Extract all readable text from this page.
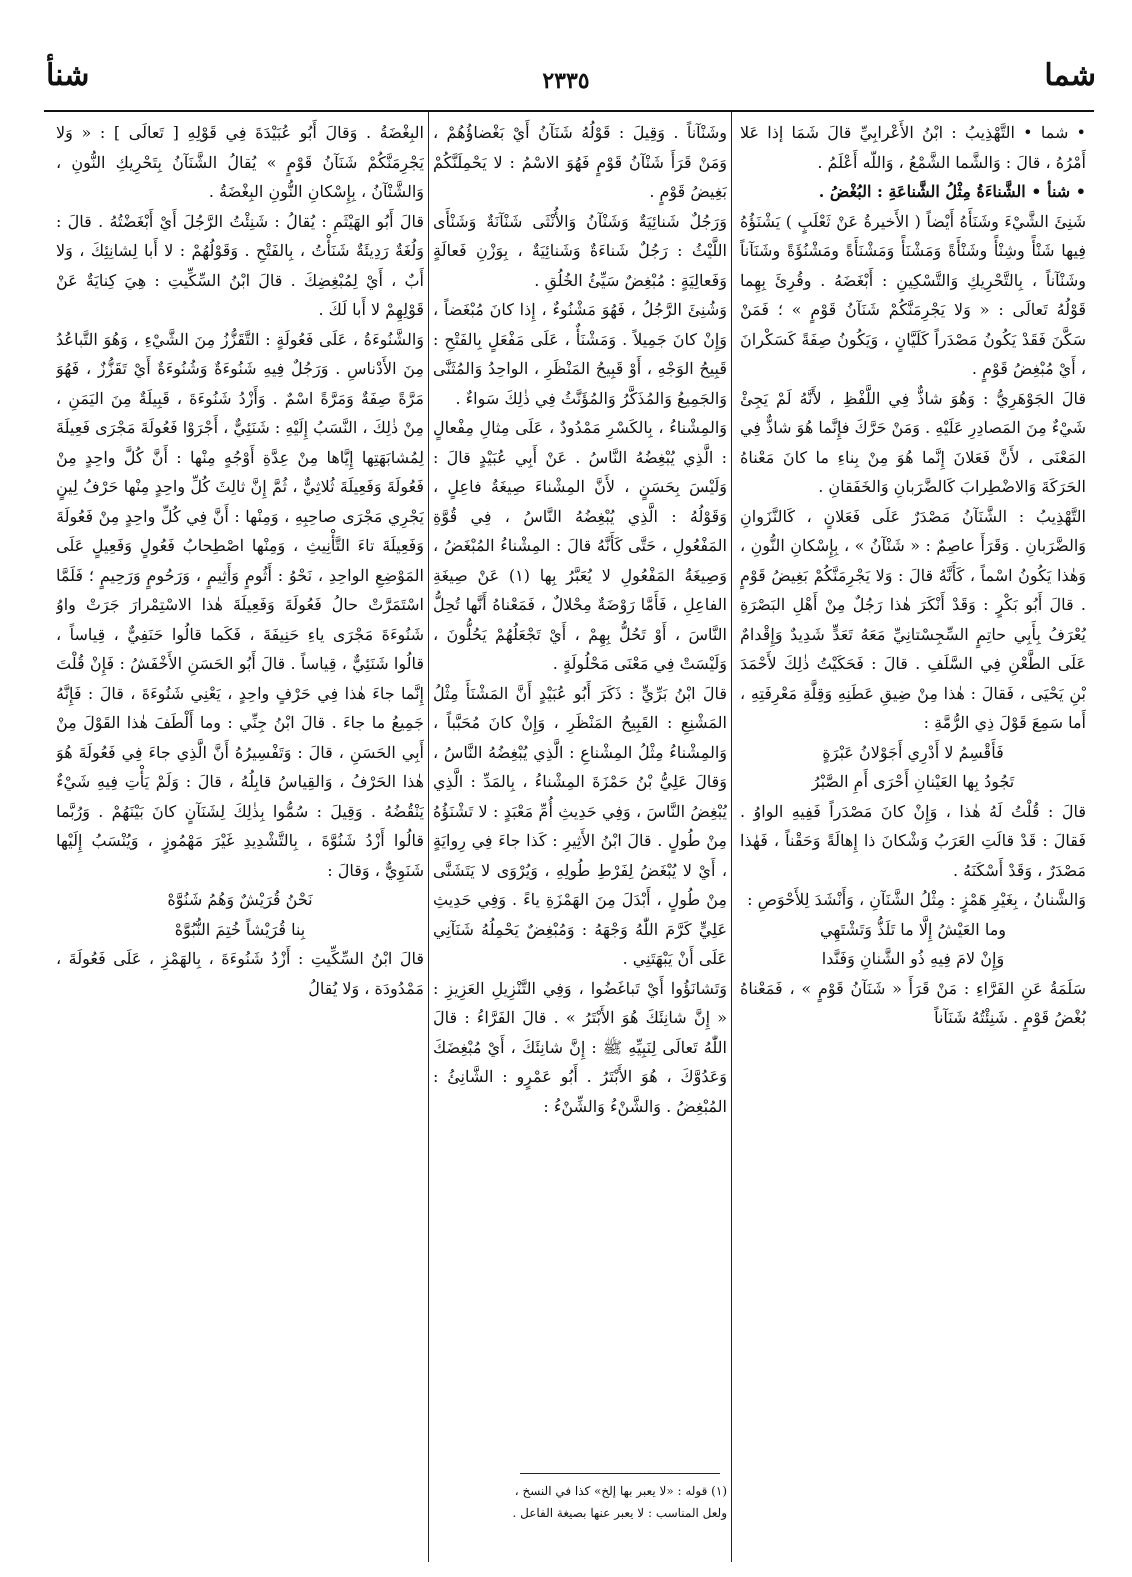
شما
٢٣٣٥
شنأ

• شما • التَّهْذِيبُ : ابْنُ الأَعْرابِيِّ قالَ شَمَا إذا عَلا أَمْرُهُ ، قالَ : وَالشَّما الشَّمْعُ ، وَاللّه أَعْلَمُ .

• شنأ • الشَّناءَةُ مِثْلُ الشَّناعَةِ : البُغْضُ .

شَنِئَ الشَّيْءَ وشَنَأَهُ أَيْضاً ( الأَخيرةُ عَنْ ثَعْلَبٍ ) يَشْنَؤُهُ فِيها شَنْأً وشِنْأً وشَنْأَةً وَمَشْنَأً وَمَشْنَأَةً ومَشْنُؤَةً وشَنَآناً وشَنْآناً ، بِالتَّحْرِيكِ وَالتَّسْكِينِ : أَبْغَضَهُ . وقُرِئَ بِهِما قَوْلُهُ تَعالَى : « وَلا يَجْرِمَنَّكُمْ شَنَآنُ قَوْمٍ » ؛ فَمَنْ سَكَّنَ فَقَدْ يَكُونُ مَصْدَراً كَلَيَّانٍ ، وَيَكُونُ صِفَةً كَسَكْرانَ ، أَيْ مُبْغِضُ قَوْمٍ .

قالَ الجَوْهَرِيُّ : وَهُوَ شاذٌّ فِي اللَّفْظِ ، لأَنَّهُ لَمْ يَجِئْ شَيْءٌ مِنَ المَصادِرِ عَلَيْهِ . وَمَنْ حَرَّكَ فإِنَّما هُوَ شاذٌّ فِي المَعْنَى ، لأَنَّ فَعَلانَ إِنَّما هُوَ مِنْ بِناءِ ما كانَ مَعْناهُ الحَرَكَةَ وَالاضْطِرابَ كَالضَّرَبانِ وَالخَفَقانِ .

التَّهْذِيبُ : الشَّنَآنُ مَصْدَرٌ عَلَى فَعَلانٍ ، كَالنَّزَوانِ وَالضَّرَبانِ . وَقَرَأَ عاصِمٌ : « شَنْآنُ » ، بِإِسْكانِ النُّونِ ، وَهٰذا يَكُونُ اسْماً ، كَأَنَّهُ قالَ : وَلا يَجْرِمَنَّكُمْ بَغِيضُ قَوْمٍ . قالَ أَبُو بَكْرٍ : وَقَدْ أَنْكَرَ هٰذا رَجُلٌ مِنْ أَهْلِ البَصْرَةِ يُعْرَفُ بِأَبِي حاتِمٍ السِّجِسْتانِيِّ مَعَهُ تَعَدٍّ شَدِيدٌ وَإِقْدامٌ عَلَى الطَّعْنِ فِي السَّلَفِ . قالَ : فَحَكَيْتُ ذٰلِكَ لأَحْمَدَ بْنِ يَحْيَى ، فَقالَ : هٰذا مِنْ ضِيقِ عَطَنِهِ وَقِلَّةِ مَعْرِفَتِهِ ، أَما سَمِعَ قَوْلَ ذِي الرُّمَّةِ :

فَأَقْسِمُ لا أَدْرِي أَجَوْلانُ عَبْرَةٍ
تَجُودُ بِها العَيْنانِ أَحْرَى أَمِ الصَّبْرُ

قالَ : قُلْتُ لَهُ هٰذا ، وَإِنْ كانَ مَصْدَراً فَفِيهِ الواوُ . فَقالَ : قَدْ قالَتِ العَرَبُ وَشْكانَ ذا إِهالَةً وَحَقْناً ، فَهٰذا مَصْدَرٌ ، وَقَدْ أَسْكَنَهُ .

وَالشَّنانُ ، بِغَيْرِ هَمْزٍ : مِثْلُ الشَّنَآنِ ، وَأَنْشَدَ لِلأَحْوَصِ :

وما العَيْشُ إِلَّا ما تَلَذُّ وَتَشْتَهِي
وَإِنْ لامَ فِيهِ ذُو الشَّنانِ وَفَنَّدا

سَلَمَةُ عَنِ الفَرَّاءِ : مَنْ قَرَأَ « شَنَآنُ قَوْمٍ » ، فَمَعْناهُ بُغْضُ قَوْمٍ . شَنِئْتُهُ شَنَآناً

وشَنْآناً . وَقِيلَ : قَوْلُهُ شَنَآنُ أَيْ بَغْضاؤُهُمْ ، وَمَنْ قَرَأَ شَنْآنُ قَوْمٍ فَهُوَ الاسْمُ : لا يَحْمِلَنَّكُمْ بَغِيضُ قَوْمٍ .

وَرَجُلٌ شَنائِيَةٌ وَشَنْآنُ وَالأُنْثَى شَنْآنَةٌ وَشَنْأَى اللَّيْثُ : رَجُلٌ شَناءَةٌ وَشَنائِيَةٌ ، بِوَزْنِ فَعالَةٍ وَفَعالِيَةٍ : مُبْغِضٌ سَيِّئُ الخُلُقِ .

وَشُنِئَ الرَّجُلُ ، فَهُوَ مَشْنُوءٌ ، إِذا كانَ مُبْغَضاً ، وَإِنْ كانَ جَمِيلاً . وَمَشْنَأٌ ، عَلَى مَفْعَلٍ بِالفَتْحِ : قَبِيحُ الوَجْهِ ، أَوْ قَبِيحُ المَنْظَرِ ، الواحِدُ وَالمُثَنَّى وَالجَمِيعُ وَالمُذَكَّرُ وَالمُؤَنَّثُ فِي ذٰلِكَ سَواءٌ .

وَالمِشْناءُ ، بِالكَسْرِ مَمْدُودٌ ، عَلَى مِثالِ مِفْعالٍ : الَّذِي يُبْغِضُهُ النَّاسُ . عَنْ أَبِي عُبَيْدٍ قالَ : وَلَيْسَ بِحَسَنٍ ، لأَنَّ المِشْناءَ صِيغَةُ فاعِلٍ ، وَقَوْلُهُ : الَّذِي يُبْغِضُهُ النَّاسُ ، فِي قُوَّةِ المَفْعُولِ ، حَتَّى كَأَنَّهُ قالَ : المِشْناءُ المُبْغَضُ ، وَصِيغَةُ المَفْعُولِ لا يُعَبَّرُ بِها (١) عَنْ صِيغَةِ الفاعِلِ ، فَأَمَّا رَوْضَةٌ مِحْلالٌ ، فَمَعْناهُ أَنَّها تُحِلُّ النَّاسَ ، أَوْ تَحُلُّ بِهِمْ ، أَيْ تَجْعَلُهُمْ يَحُلُّونَ ، وَلَيْسَتْ فِي مَعْنَى مَحْلُولَةٍ .

قالَ ابْنُ بَرِّيٍّ : ذَكَرَ أَبُو عُبَيْدٍ أَنَّ المَشْنَأَ مِثْلُ المَشْنِعِ : القَبِيحُ المَنْظَرِ ، وَإِنْ كانَ مُحَبَّباً ، وَالمِشْناءُ مِثْلُ المِشْناعِ : الَّذِي يُبْغِضُهُ النَّاسُ ، وَقالَ عَلِيُّ بْنُ حَمْزَةَ المِشْناءُ ، بِالمَدِّ : الَّذِي يُبْغِضُ النَّاسَ ، وَفِي حَدِيثِ أُمِّ مَعْبَدٍ : لا تَشْنَؤُهُ مِنْ طُولٍ . قالَ ابْنُ الأَثِيرِ : كَذا جاءَ فِي رِوايَةٍ ، أَيْ لا يُبْغَضُ لِفَرْطِ طُولِهِ ، وَيُرْوَى لا يَتَشَنَّى مِنْ طُولٍ ، أَبْدَلَ مِنَ الهَمْزَةِ ياءً . وَفِي حَدِيثِ عَلِيٍّ كَرَّمَ اللّٰهُ وَجْهَهُ : وَمُبْغِضٌ يَحْمِلُهُ شَنَآنِي عَلَى أَنْ يَبْهَتَنِي .

وَتَشانَؤُوا أَيْ تَباغَضُوا ، وَفِي التَّنْزِيلِ العَزِيزِ : « إِنَّ شانِئَكَ هُوَ الأَبْتَرُ » . قالَ الفَرَّاءُ : قالَ اللّٰهُ تَعالَى لِنَبِيِّهِ ﷺ : إِنَّ شانِئَكَ ، أَيْ مُبْغِضَكَ وَعَدُوَّكَ ، هُوَ الأَبْتَرُ . أَبُو عَمْرٍو : الشَّانِئُ : المُبْغِضُ . وَالشَّنْءُ وَالشِّنْءُ :

(١) قوله : «لا يعبر بها إلخ» كذا في النسخ ،

ولعل المناسب : لا يعبر عنها بصيغة الفاعل .

البِغْضَةُ . وَقالَ أَبُو عُبَيْدَةَ فِي قَوْلِهِ [ تَعالَى ] : « وَلا يَجْرِمَنَّكُمْ شَنَآنُ قَوْمٍ » يُقالُ الشَّنَآنُ بِتَحْرِيكِ النُّونِ ، وَالشَّنْآنُ ، بِإِسْكانِ النُّونِ البِغْضَةُ .

قالَ أَبُو الهَيْثَمِ : يُقالُ : شَنِئْتُ الرَّجُلَ أَيْ أَبْغَضْتُهُ . قالَ : وَلُغَةٌ رَدِيئَةٌ شَنَأْتُ ، بِالفَتْحِ . وَقَوْلُهُمْ : لا أَبا لِشانِئِكَ ، وَلا أَبٌ ، أَيْ لِمُبْغِضِكَ . قالَ ابْنُ السِّكِّيتِ : هِيَ كِنايَةٌ عَنْ قَوْلِهِمْ لا أَبا لَكَ .

وَالشَّنُوءَةُ ، عَلَى فَعُولَةٍ : التَّقَزُّزُ مِنَ الشَّيْءِ ، وَهُوَ التَّباعُدُ مِنَ الأَدْناسِ . وَرَجُلٌ فِيهِ شَنُوءَةٌ وَشُنُوءَةٌ أَيْ تَقَزُّزٌ ، فَهُوَ مَرَّةً صِفَةٌ وَمَرَّةً اسْمٌ . وَأَزْدُ شَنُوءَةَ ، قَبِيلَةٌ مِنَ اليَمَنِ ، مِنْ ذٰلِكَ ، النَّسَبُ إِلَيْهِ : شَنَئِيٌّ ، أَجْرَوْا فَعُولَةَ مَجْرَى فَعِيلَةَ لِمُشابَهَتِها إِيَّاها مِنْ عِدَّةِ أَوْجُهٍ مِنْها : أَنَّ كُلَّ واحِدٍ مِنْ فَعُولَةَ وَفَعِيلَةَ ثُلاثِيٌّ ، ثُمَّ إِنَّ ثالِثَ كُلِّ واحِدٍ مِنْها حَرْفُ لِينٍ يَجْرِي مَجْرَى صاحِبِهِ ، وَمِنْها : أَنَّ فِي كُلِّ واحِدٍ مِنْ فَعُولَةَ وَفَعِيلَةَ تاءَ التَّأْنِيثِ ، وَمِنْها اصْطِحابُ فَعُولٍ وَفَعِيلٍ عَلَى المَوْضِعِ الواحِدِ ، نَحْوُ : أَثُومٍ وَأَثِيمٍ ، وَرَحُومٍ وَرَحِيمٍ ؛ فَلَمَّا اسْتَمَرَّتْ حالُ فَعُولَةَ وَفَعِيلَةَ هٰذا الاسْتِمْرارَ جَرَتْ واوُ شَنُوءَةَ مَجْرَى ياءِ حَنِيفَةَ ، فَكَما قالُوا حَنَفِيٌّ ، قِياساً ، قالُوا شَنَئِيٌّ ، قِياساً . قالَ أَبُو الحَسَنِ الأَخْفَشُ : فَإِنْ قُلْتَ إِنَّما جاءَ هٰذا فِي حَرْفٍ واحِدٍ ، يَعْنِي شَنُوءَةَ ، قالَ : فَإِنَّهُ جَمِيعُ ما جاءَ . قالَ ابْنُ جِنِّي : وما أَلْطَفَ هٰذا القَوْلَ مِنْ أَبِي الحَسَنِ ، قالَ : وَتَفْسِيرُهُ أَنَّ الَّذِي جاءَ فِي فَعُولَةَ هُوَ هٰذا الحَرْفُ ، وَالقِياسُ قابِلُهُ ، قالَ : وَلَمْ يَأْتِ فِيهِ شَيْءٌ يَنْقُضُهُ . وَقِيلَ : سُمُّوا بِذٰلِكَ لِشَنَآنٍ كانَ بَيْنَهُمْ . وَرُبَّما قالُوا أَزْدُ شَنُوَّةَ ، بِالتَّشْدِيدِ غَيْرَ مَهْمُوزٍ ، وَيُنْسَبُ إِلَيْها شَنَوِيٌّ ، وَقالَ :

نَحْنُ قُرَيْشٌ وَهُمُ شَنُوَّهْ
بِنا قُرَيْشاً خُتِمَ النُّبُوَّهْ

قالَ ابْنُ السِّكِّيتِ : أَزْدُ شَنُوءَةَ ، بِالهَمْزِ ، عَلَى فَعُولَةَ ، مَمْدُودَة ، وَلا يُقالُ
